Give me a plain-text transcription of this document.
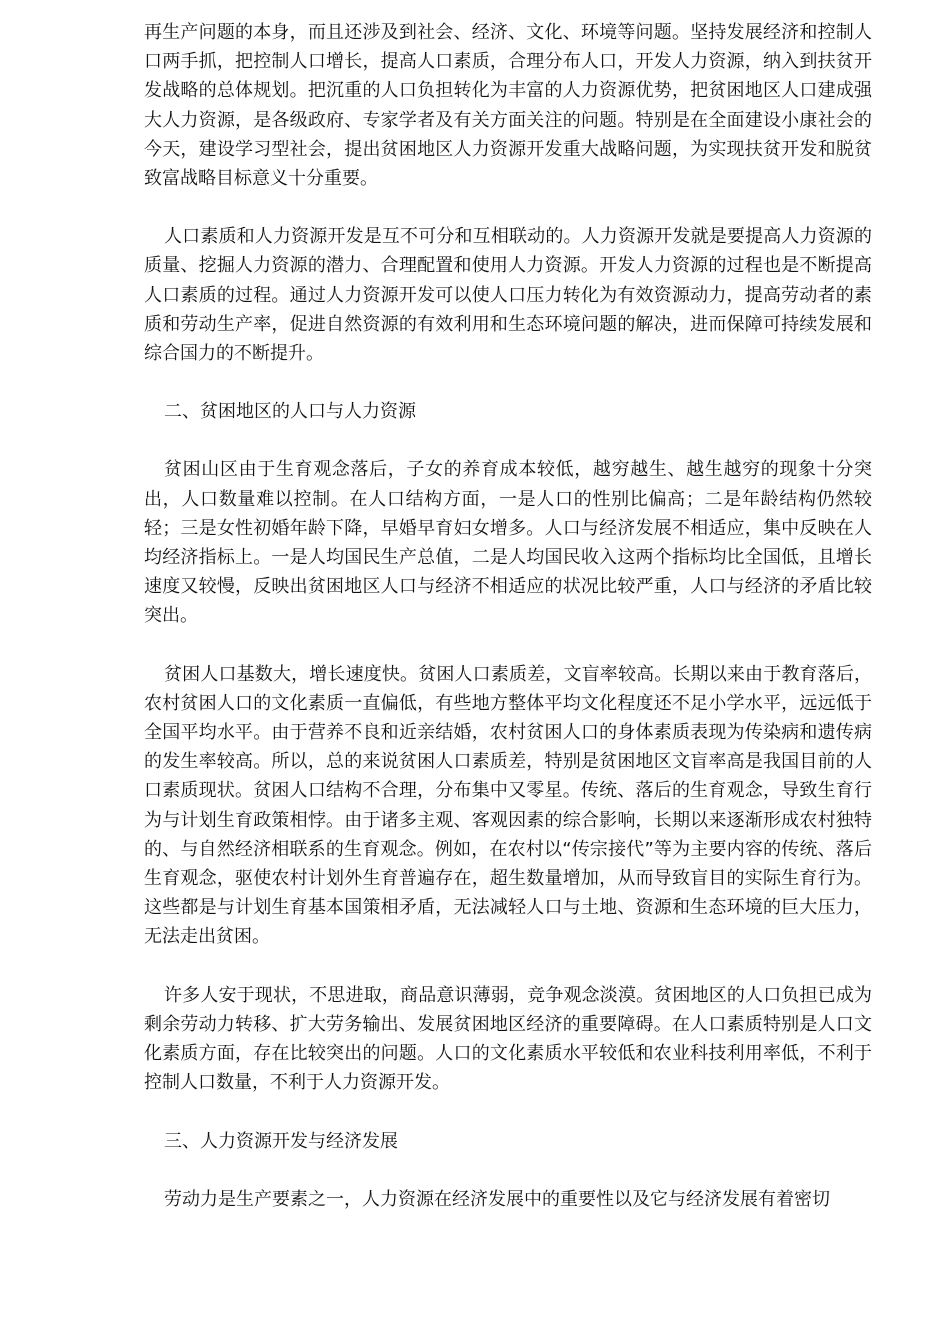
再生产问题的本身，而且还涉及到社会、经济、文化、环境等问题。坚持发展经济和控制人口两手抓，把控制人口增长，提高人口素质，合理分布人口，开发人力资源，纳入到扶贫开发战略的总体规划。把沉重的人口负担转化为丰富的人力资源优势，把贫困地区人口建成强大人力资源，是各级政府、专家学者及有关方面关注的问题。特别是在全面建设小康社会的今天，建设学习型社会，提出贫困地区人力资源开发重大战略问题，为实现扶贫开发和脱贫致富战略目标意义十分重要。

人口素质和人力资源开发是互不可分和互相联动的。人力资源开发就是要提高人力资源的质量、挖掘人力资源的潜力、合理配置和使用人力资源。开发人力资源的过程也是不断提高人口素质的过程。通过人力资源开发可以使人口压力转化为有效资源动力，提高劳动者的素质和劳动生产率，促进自然资源的有效利用和生态环境问题的解决，进而保障可持续发展和综合国力的不断提升。

二、贫困地区的人口与人力资源

贫困山区由于生育观念落后，子女的养育成本较低，越穷越生、越生越穷的现象十分突出，人口数量难以控制。在人口结构方面，一是人口的性别比偏高；二是年龄结构仍然较轻；三是女性初婚年龄下降，早婚早育妇女增多。人口与经济发展不相适应，集中反映在人均经济指标上。一是人均国民生产总值，二是人均国民收入这两个指标均比全国低，且增长速度又较慢，反映出贫困地区人口与经济不相适应的状况比较严重，人口与经济的矛盾比较突出。

贫困人口基数大，增长速度快。贫困人口素质差，文盲率较高。长期以来由于教育落后，农村贫困人口的文化素质一直偏低，有些地方整体平均文化程度还不足小学水平，远远低于全国平均水平。由于营养不良和近亲结婚，农村贫困人口的身体素质表现为传染病和遗传病的发生率较高。所以，总的来说贫困人口素质差，特别是贫困地区文盲率高是我国目前的人口素质现状。贫困人口结构不合理，分布集中又零星。传统、落后的生育观念，导致生育行为与计划生育政策相悖。由于诸多主观、客观因素的综合影响，长期以来逐渐形成农村独特的、与自然经济相联系的生育观念。例如，在农村以“传宗接代”等为主要内容的传统、落后生育观念，驱使农村计划外生育普遍存在，超生数量增加，从而导致盲目的实际生育行为。这些都是与计划生育基本国策相矛盾，无法减轻人口与土地、资源和生态环境的巨大压力，无法走出贫困。

许多人安于现状，不思进取，商品意识薄弱，竞争观念淡漠。贫困地区的人口负担已成为剩余劳动力转移、扩大劳务输出、发展贫困地区经济的重要障碍。在人口素质特别是人口文化素质方面，存在比较突出的问题。人口的文化素质水平较低和农业科技利用率低，不利于控制人口数量，不利于人力资源开发。

三、人力资源开发与经济发展

劳动力是生产要素之一，人力资源在经济发展中的重要性以及它与经济发展有着密切
